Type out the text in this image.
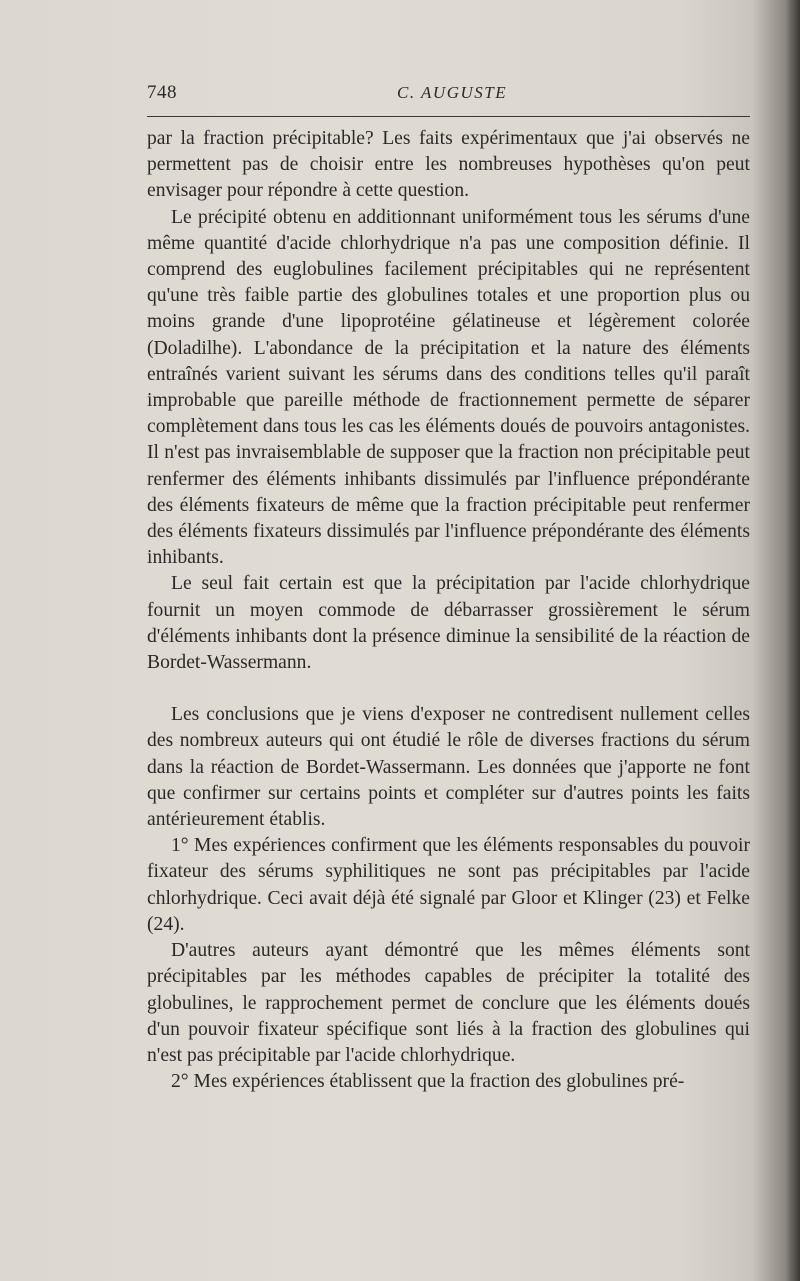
748	C. AUGUSTE

par la fraction précipitable? Les faits expérimentaux que j'ai observés ne permettent pas de choisir entre les nombreuses hypothèses qu'on peut envisager pour répondre à cette question.

Le précipité obtenu en additionnant uniformément tous les sérums d'une même quantité d'acide chlorhydrique n'a pas une composition définie. Il comprend des euglobulines facilement précipitables qui ne représentent qu'une très faible partie des globulines totales et une proportion plus ou moins grande d'une lipoprotéine gélatineuse et légèrement colorée (Doladilhe). L'abondance de la précipitation et la nature des éléments entraînés varient suivant les sérums dans des conditions telles qu'il paraît improbable que pareille méthode de fractionnement permette de séparer complètement dans tous les cas les éléments doués de pouvoirs antagonistes. Il n'est pas invraisemblable de supposer que la fraction non précipitable peut renfermer des éléments inhibants dissimulés par l'influence prépondérante des éléments fixateurs de même que la fraction précipitable peut renfermer des éléments fixateurs dissimulés par l'influence prépondérante des éléments inhibants.

Le seul fait certain est que la précipitation par l'acide chlorhydrique fournit un moyen commode de débarrasser grossièrement le sérum d'éléments inhibants dont la présence diminue la sensibilité de la réaction de Bordet-Wassermann.

Les conclusions que je viens d'exposer ne contredisent nullement celles des nombreux auteurs qui ont étudié le rôle de diverses fractions du sérum dans la réaction de Bordet-Wassermann. Les données que j'apporte ne font que confirmer sur certains points et compléter sur d'autres points les faits antérieurement établis.

1° Mes expériences confirment que les éléments responsables du pouvoir fixateur des sérums syphilitiques ne sont pas précipitables par l'acide chlorhydrique. Ceci avait déjà été signalé par Gloor et Klinger (23) et Felke (24).

D'autres auteurs ayant démontré que les mêmes éléments sont précipitables par les méthodes capables de précipiter la totalité des globulines, le rapprochement permet de conclure que les éléments doués d'un pouvoir fixateur spécifique sont liés à la fraction des globulines qui n'est pas précipitable par l'acide chlorhydrique.

2° Mes expériences établissent que la fraction des globulines pré-
